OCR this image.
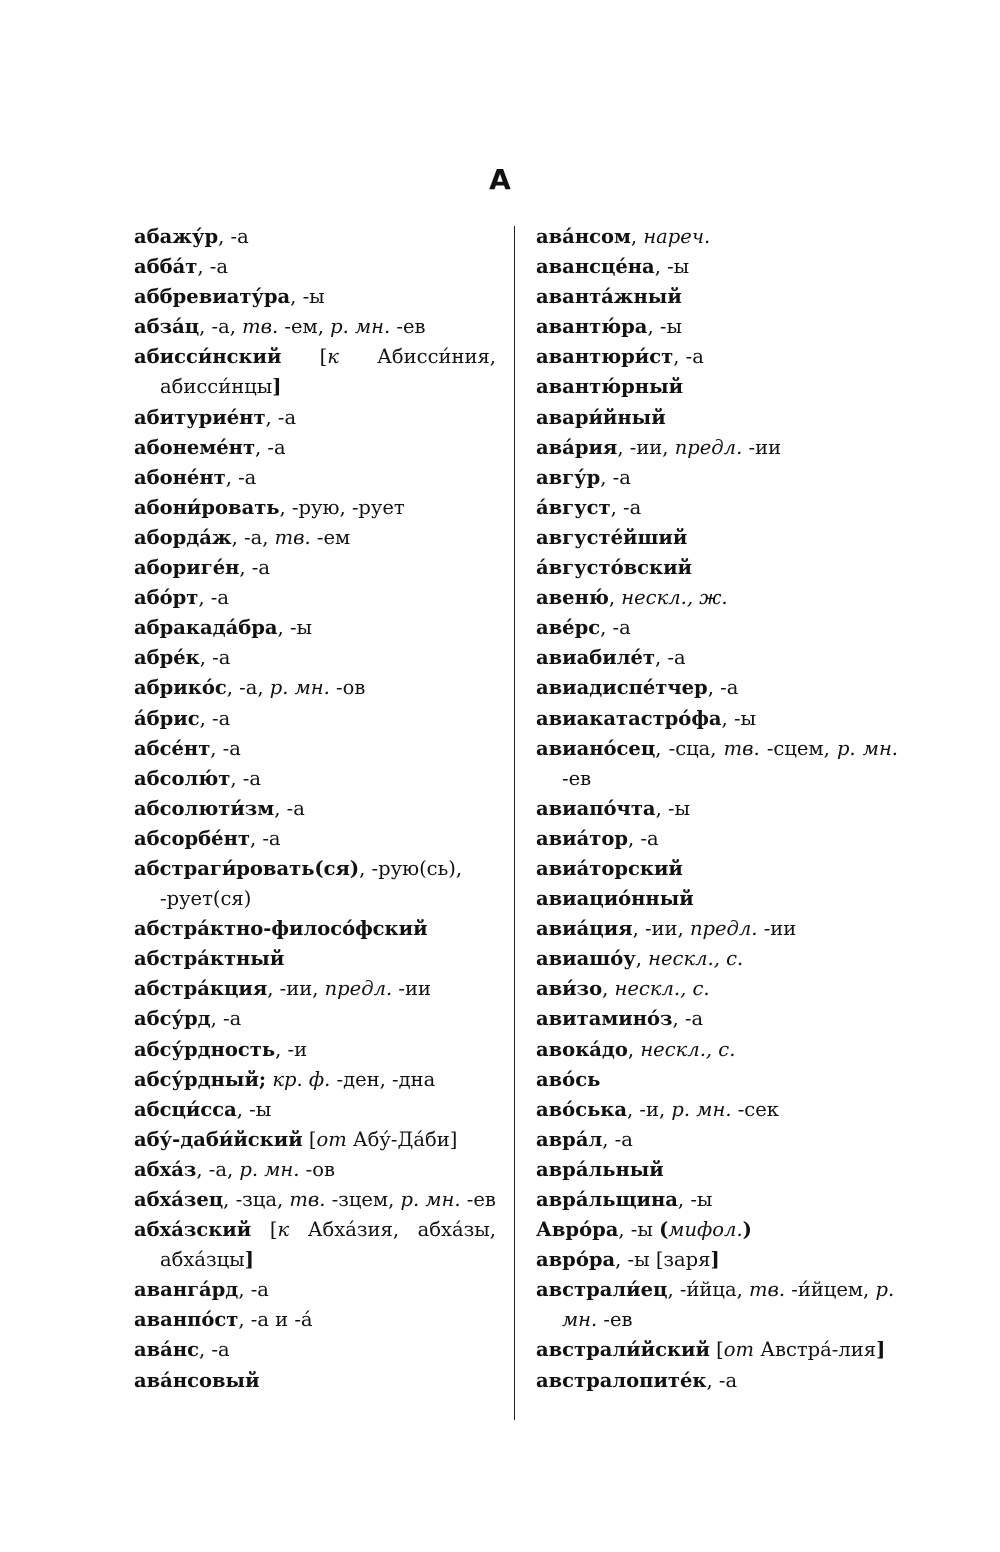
А
абажу́р, -а
абба́т, -а
аббревиату́ра, -ы
абза́ц, -а, тв. -ем, р. мн. -ев
абисси́нский [к Абисси́ния, абисси́нцы]
абитурие́нт, -а
абонеме́нт, -а
абоне́нт, -а
абони́ровать, -рую, -рует
аборда́ж, -а, тв. -ем
абориге́н, -а
або́рт, -а
абракада́бра, -ы
абре́к, -а
абрико́с, -а, р. мн. -ов
а́брис, -а
абсе́нт, -а
абсолю́т, -а
абсолюти́зм, -а
абсорбе́нт, -а
абстраги́ровать(ся), -рую(сь), -рует(ся)
абстра́ктно-филосо́фский
абстра́ктный
абстра́кция, -ии, предл. -ии
абсу́рд, -а
абсу́рдность, -и
абсу́рдный; кр. ф. -ден, -дна
абсци́сса, -ы
абу́-даби́йский [от Абу́-Да́би]
абха́з, -а, р. мн. -ов
абха́зец, -зца, тв. -зцем, р. мн. -ев
абха́зский [к Абха́зия, абха́зы, абха́зцы]
аванга́рд, -а
аванпо́ст, -а и -а́
ава́нс, -а
ава́нсовый
ава́нсом, нареч.
авансце́на, -ы
аванта́жный
авантю́ра, -ы
авантюри́ст, -а
авантю́рный
авари́йный
ава́рия, -ии, предл. -ии
авгу́р, -а
а́вгуст, -а
августе́йший
а́вгусто́вский
авеню́, нескл., ж.
аве́рс, -а
авиабиле́т, -а
авиадиспе́тчер, -а
авиакатастро́фа, -ы
авиано́сец, -сца, тв. -сцем, р. мн. -ев
авиапо́чта, -ы
авиа́тор, -а
авиа́торский
авиацио́нный
авиа́ция, -ии, предл. -ии
авиашо́у, нескл., с.
ави́зо, нескл., с.
авитамино́з, -а
авока́до, нескл., с.
аво́сь
аво́ська, -и, р. мн. -сек
авра́л, -а
авра́льный
авра́льщина, -ы
Авро́ра, -ы (мифол.)
авро́ра, -ы [заря]
австрали́ец, -и́йца, тв. -и́йцем, р. мн. -ев
австрали́йский [от Австра́-лия]
австралопите́к, -а
